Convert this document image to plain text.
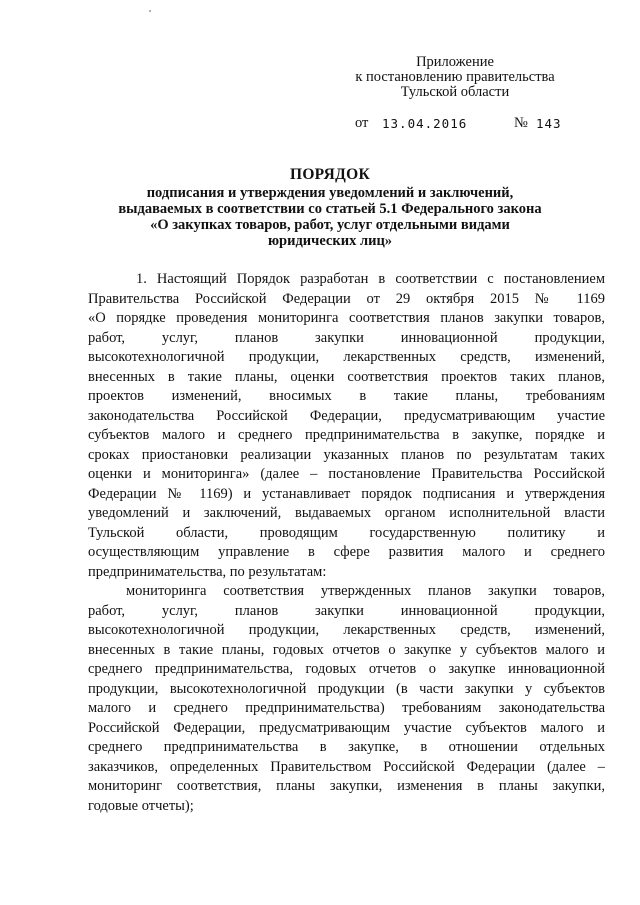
Приложение
к постановлению правительства
Тульской области
от 13.04.2016	№ 143
ПОРЯДОК
подписания и утверждения уведомлений и заключений,
выдаваемых в соответствии со статьей 5.1 Федерального закона
«О закупках товаров, работ, услуг отдельными видами
юридических лиц»
1. Настоящий Порядок разработан в соответствии с постановлением
Правительства Российской Федерации от 29 октября 2015 № 1169
«О порядке проведения мониторинга соответствия планов закупки товаров,
работ, услуг, планов закупки инновационной продукции,
высокотехнологичной продукции, лекарственных средств, изменений,
внесенных в такие планы, оценки соответствия проектов таких планов,
проектов изменений, вносимых в такие планы, требованиям
законодательства Российской Федерации, предусматривающим участие
субъектов малого и среднего предпринимательства в закупке, порядке и
сроках приостановки реализации указанных планов по результатам таких
оценки и мониторинга» (далее – постановление Правительства Российской
Федерации № 1169) и устанавливает порядок подписания и утверждения
уведомлений и заключений, выдаваемых органом исполнительной власти
Тульской области, проводящим государственную политику и
осуществляющим управление в сфере развития малого и среднего
предпринимательства, по результатам:
мониторинга соответствия утвержденных планов закупки товаров,
работ, услуг, планов закупки инновационной продукции,
высокотехнологичной продукции, лекарственных средств, изменений,
внесенных в такие планы, годовых отчетов о закупке у субъектов малого и
среднего предпринимательства, годовых отчетов о закупке инновационной
продукции, высокотехнологичной продукции (в части закупки у субъектов
малого и среднего предпринимательства) требованиям законодательства
Российской Федерации, предусматривающим участие субъектов малого и
среднего предпринимательства в закупке, в отношении отдельных
заказчиков, определенных Правительством Российской Федерации (далее –
мониторинг соответствия, планы закупки, изменения в планы закупки,
годовые отчеты);
